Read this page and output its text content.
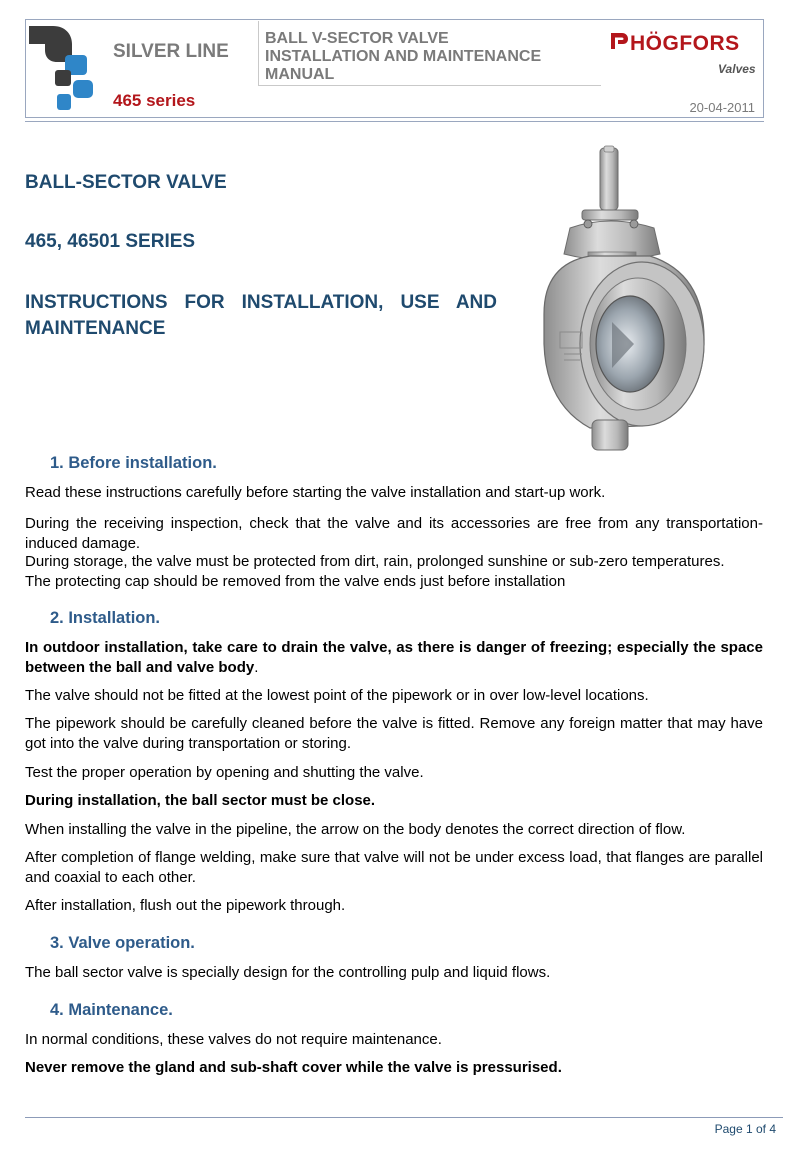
SILVER LINE
465 series
BALL V-SECTOR VALVE
INSTALLATION AND MAINTENANCE
MANUAL
HÖGFORS
Valves
20-04-2011
BALL-SECTOR VALVE
465, 46501 SERIES
INSTRUCTIONS FOR INSTALLATION, USE AND MAINTENANCE
1. Before installation.
Read these instructions carefully before starting the valve installation and start-up work.
During the receiving inspection, check that the valve and its accessories are free from any transportation-induced damage.
During storage, the valve must be protected from dirt, rain, prolonged sunshine or sub-zero temperatures.
The protecting cap should be removed from the valve ends just before installation
2. Installation.
In outdoor installation, take care to drain the valve, as there is danger of freezing; especially the space between the ball and valve body.
The valve should not be fitted at the lowest point of the pipework or in over low-level locations.
The pipework should be carefully cleaned before the valve is fitted. Remove any foreign matter that may have got into the valve during transportation or storing.
Test the proper operation by opening and shutting the valve.
During installation, the ball sector must be close.
When installing the valve in the pipeline, the arrow on the body denotes the correct direction of flow.
After completion of flange welding, make sure that valve will not be under excess load, that flanges are parallel and coaxial to each other.
After installation, flush out the pipework through.
3. Valve operation.
The ball sector valve is specially design for the controlling pulp and liquid flows.
4. Maintenance.
In normal conditions, these valves do not require maintenance.
Never remove the gland and sub-shaft cover while the valve is pressurised.
Page 1 of 4
